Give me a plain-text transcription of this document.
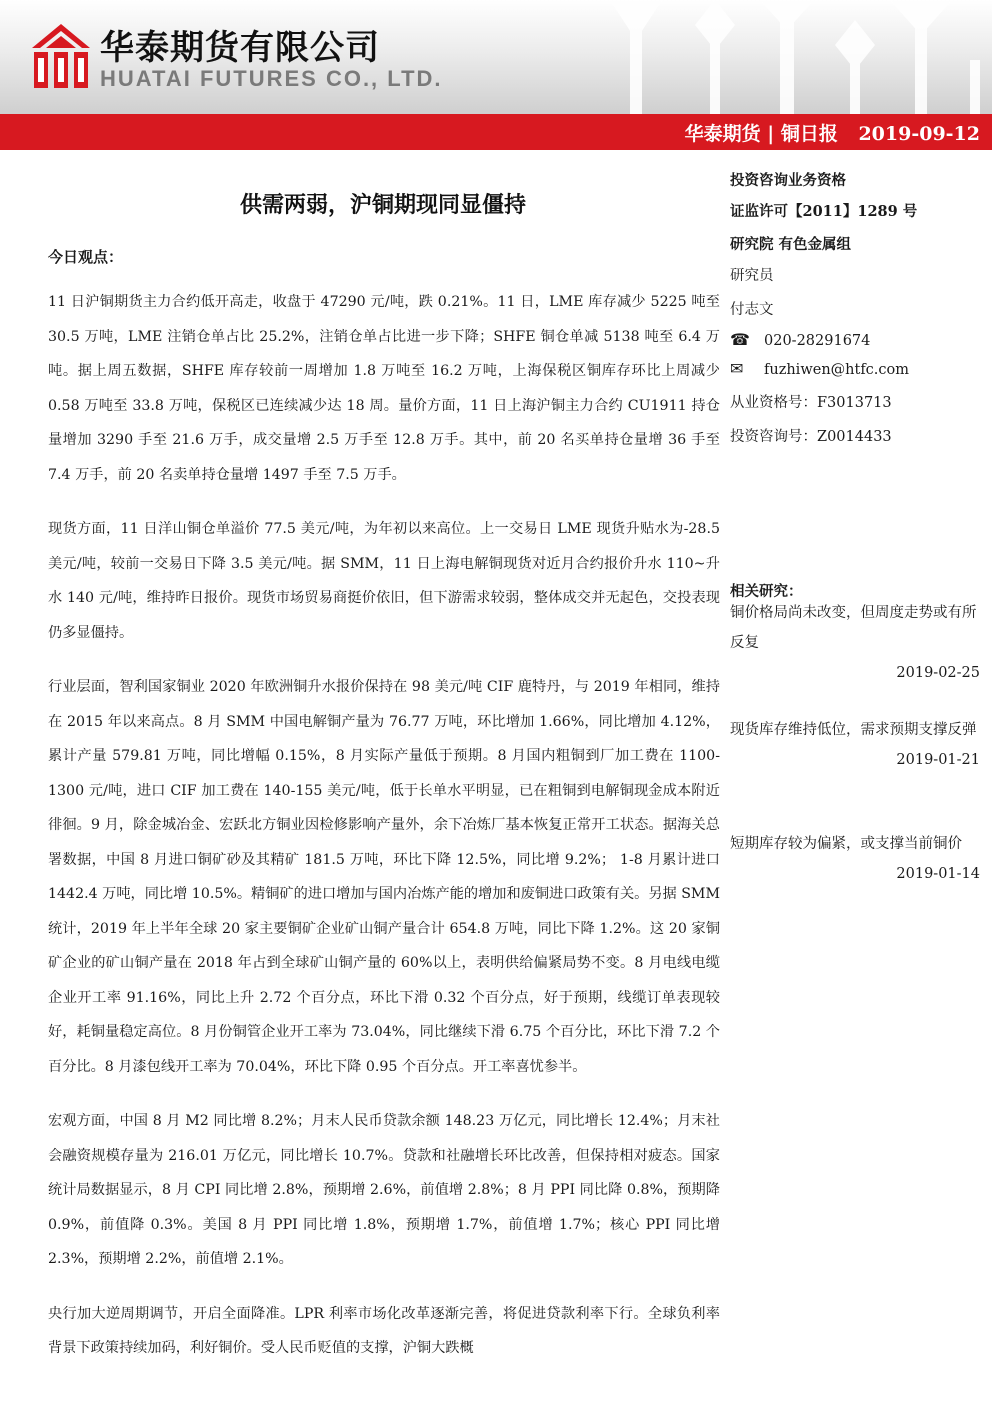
华泰期货有限公司
HUATAI FUTURES CO., LTD.
华泰期货 | 铜日报 2019-09-12
供需两弱，沪铜期现同显僵持
今日观点：

11 日沪铜期货主力合约低开高走，收盘于 47290 元/吨，跌 0.21%。11 日，LME 库存减少 5225 吨至 30.5 万吨，LME 注销仓单占比 25.2%，注销仓单占比进一步下降；SHFE 铜仓单减 5138 吨至 6.4 万吨。据上周五数据，SHFE 库存较前一周增加 1.8 万吨至 16.2 万吨，上海保税区铜库存环比上周减少 0.58 万吨至 33.8 万吨，保税区已连续减少达 18 周。量价方面，11 日上海沪铜主力合约 CU1911 持仓量增加 3290 手至 21.6 万手，成交量增 2.5 万手至 12.8 万手。其中，前 20 名买单持仓量增 36 手至 7.4 万手，前 20 名卖单持仓量增 1497 手至 7.5 万手。

现货方面，11 日洋山铜仓单溢价 77.5 美元/吨，为年初以来高位。上一交易日 LME 现货升贴水为-28.5 美元/吨，较前一交易日下降 3.5 美元/吨。据 SMM，11 日上海电解铜现货对近月合约报价升水 110~升水 140 元/吨，维持昨日报价。现货市场贸易商挺价依旧，但下游需求较弱，整体成交并无起色，交投表现仍多显僵持。

行业层面，智利国家铜业 2020 年欧洲铜升水报价保持在 98 美元/吨 CIF 鹿特丹，与 2019 年相同，维持在 2015 年以来高点。8 月 SMM 中国电解铜产量为 76.77 万吨，环比增加 1.66%，同比增加 4.12%，累计产量 579.81 万吨，同比增幅 0.15%，8 月实际产量低于预期。8 月国内粗铜到厂加工费在 1100-1300 元/吨，进口 CIF 加工费在 140-155 美元/吨，低于长单水平明显，已在粗铜到电解铜现金成本附近徘徊。9 月，除金城冶金、宏跃北方铜业因检修影响产量外，余下冶炼厂基本恢复正常开工状态。据海关总署数据，中国 8 月进口铜矿砂及其精矿 181.5 万吨，环比下降 12.5%，同比增 9.2%； 1-8 月累计进口 1442.4 万吨，同比增 10.5%。精铜矿的进口增加与国内冶炼产能的增加和废铜进口政策有关。另据 SMM 统计，2019 年上半年全球 20 家主要铜矿企业矿山铜产量合计 654.8 万吨，同比下降 1.2%。这 20 家铜矿企业的矿山铜产量在 2018 年占到全球矿山铜产量的 60%以上，表明供给偏紧局势不变。8 月电线电缆企业开工率 91.16%，同比上升 2.72 个百分点，环比下滑 0.32 个百分点，好于预期，线缆订单表现较好，耗铜量稳定高位。8 月份铜管企业开工率为 73.04%，同比继续下滑 6.75 个百分比，环比下滑 7.2 个百分比。8 月漆包线开工率为 70.04%，环比下降 0.95 个百分点。开工率喜忧参半。

宏观方面，中国 8 月 M2 同比增 8.2%；月末人民币贷款余额 148.23 万亿元，同比增长 12.4%；月末社会融资规模存量为 216.01 万亿元，同比增长 10.7%。贷款和社融增长环比改善，但保持相对疲态。国家统计局数据显示，8 月 CPI 同比增 2.8%，预期增 2.6%，前值增 2.8%；8 月 PPI 同比降 0.8%，预期降 0.9%，前值降 0.3%。美国 8 月 PPI 同比增 1.8%，预期增 1.7%，前值增 1.7%；核心 PPI 同比增 2.3%，预期增 2.2%，前值增 2.1%。

央行加大逆周期调节，开启全面降准。LPR 利率市场化改革逐渐完善，将促进贷款利率下行。全球负利率背景下政策持续加码，利好铜价。受人民币贬值的支撑，沪铜大跌概

投资咨询业务资格
证监许可【2011】1289 号
研究院 有色金属组
研究员
付志文
☎ 020-28291674
✉ fuzhiwen@htfc.com
从业资格号：F3013713
投资咨询号：Z0014433
相关研究：
铜价格局尚未改变，但周度走势或有所反复
2019-02-25
现货库存维持低位，需求预期支撑反弹
2019-01-21
短期库存较为偏紧，或支撑当前铜价
2019-01-14
